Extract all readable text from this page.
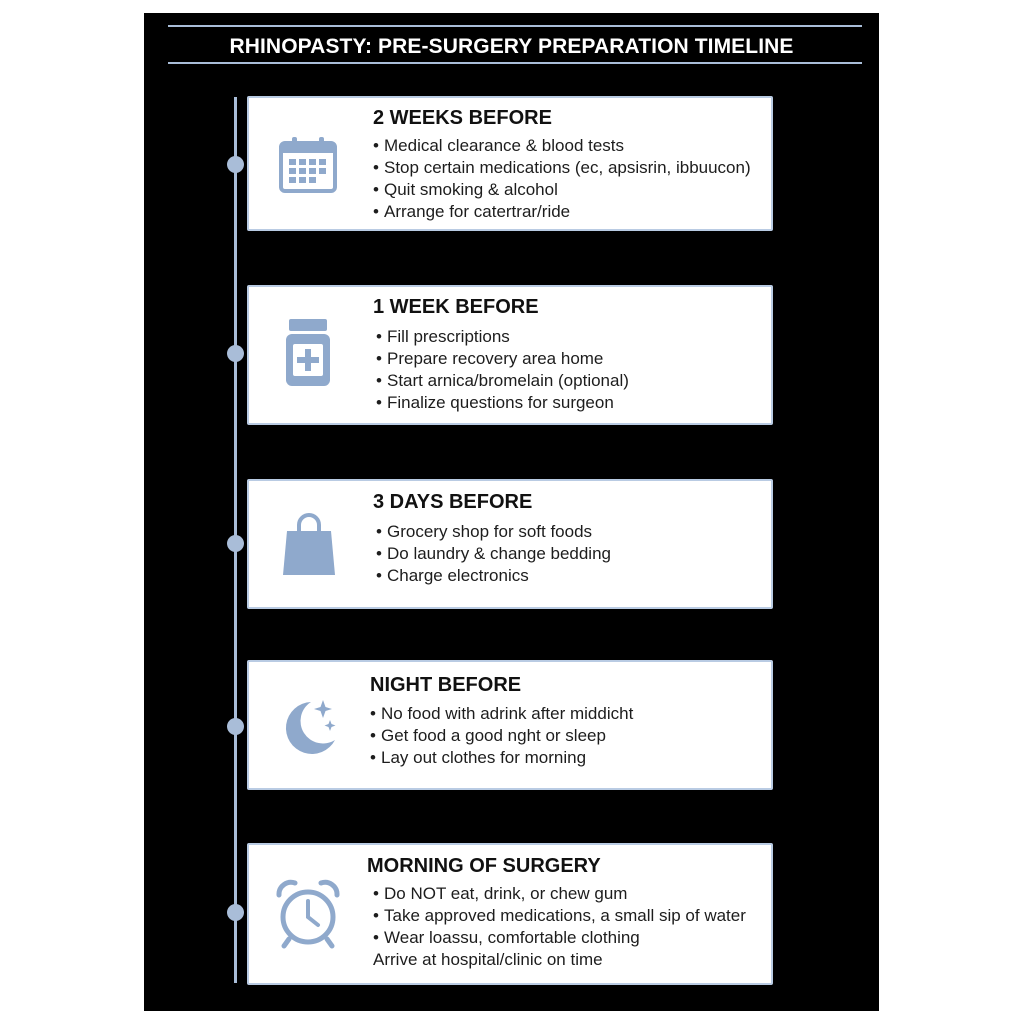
RHINOPASTY: PRE-SURGERY PREPARATION TIMELINE
2 WEEKS BEFORE
• Medical clearance & blood tests
• Stop certain medications (ec, apsisrin, ibbuucon)
• Quit smoking & alcohol
• Arrange for catertrar/ride
1 WEEK BEFORE
• Fill prescriptions
• Prepare recovery area home
• Start arnica/bromelain (optional)
• Finalize questions for surgeon
3 DAYS BEFORE
• Grocery shop for soft foods
• Do laundry & change bedding
• Charge electronics
NIGHT BEFORE
• No food with adrink after middicht
• Get food a good nght or sleep
• Lay out clothes for morning
MORNING OF SURGERY
• Do NOT eat, drink, or chew gum
• Take approved medications, a small sip of water
• Wear loassu, comfortable clothing
Arrive at hospital/clinic on time
